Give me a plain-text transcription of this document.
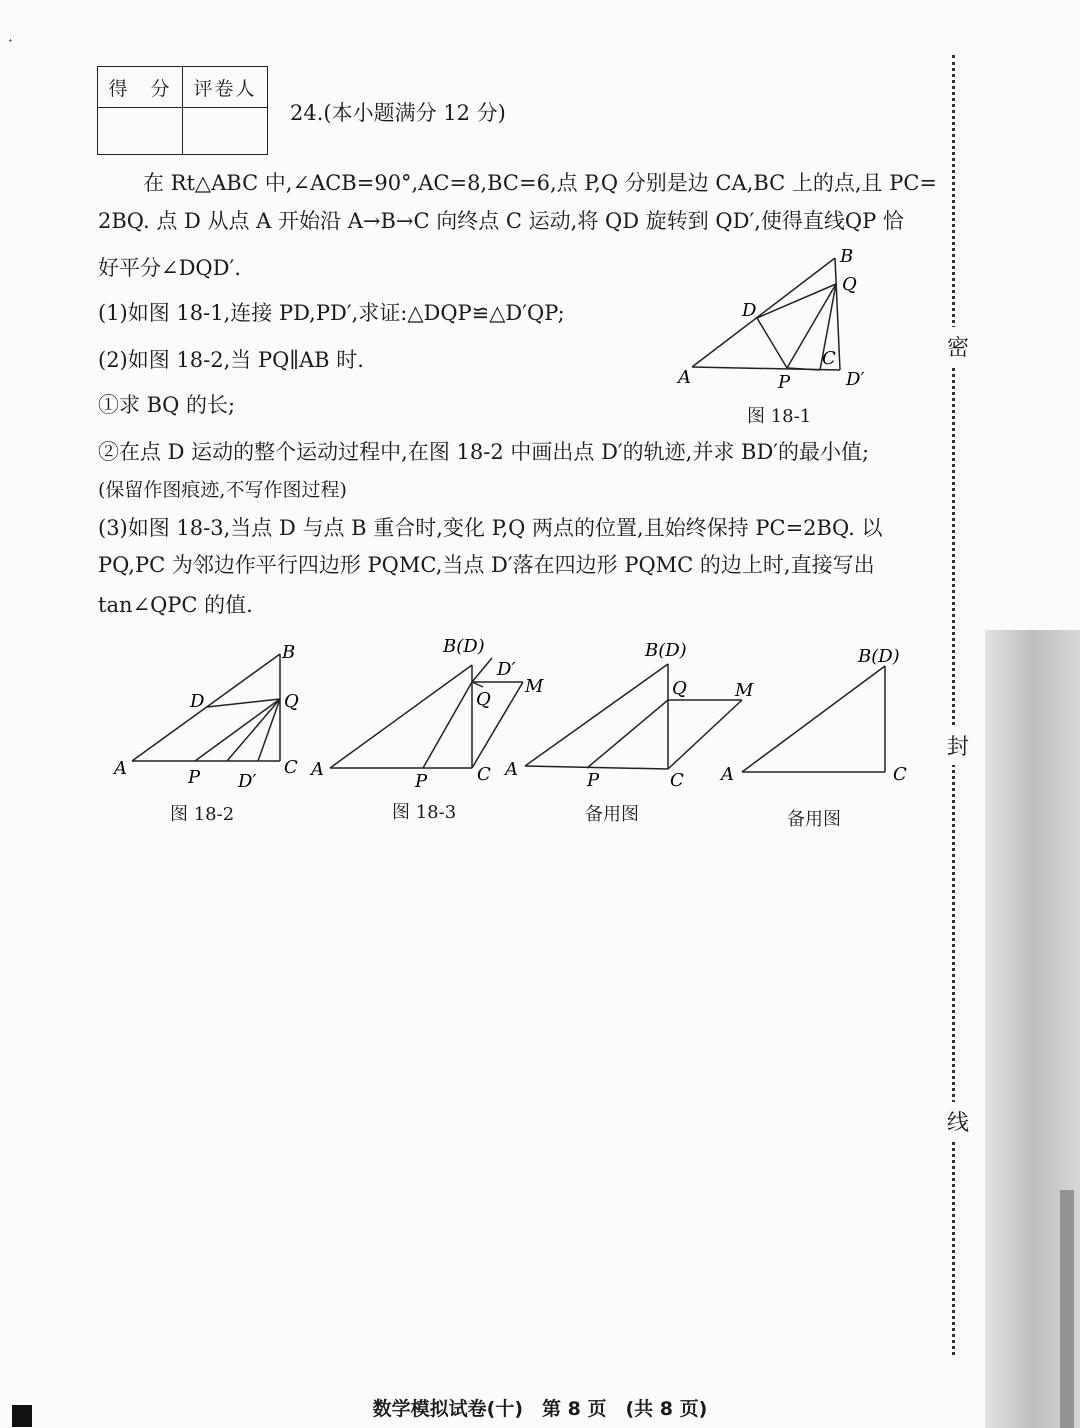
ᐩ
得　分	评卷人

24.(本小题满分 12 分)
在 Rt△ABC 中,∠ACB=90°,AC=8,BC=6,点 P,Q 分别是边 CA,BC 上的点,且 PC=
2BQ. 点 D 从点 A 开始沿 A→B→C 向终点 C 运动,将 QD 旋转到 QD′,使得直线QP 恰
好平分∠DQD′.
(1)如图 18-1,连接 PD,PD′,求证:△DQP≌△D′QP;
(2)如图 18-2,当 PQ∥AB 时.
①求 BQ 的长;
②在点 D 运动的整个运动过程中,在图 18-2 中画出点 D′的轨迹,并求 BD′的最小值;
(保留作图痕迹,不写作图过程)
(3)如图 18-3,当点 D 与点 B 重合时,变化 P,Q 两点的位置,且始终保持 PC=2BQ. 以
PQ,PC 为邻边作平行四边形 PQMC,当点 D′落在四边形 PQMC 的边上时,直接写出
tan∠QPC 的值.
A
B
C
D
P
Q
D′
图 18-1
A
B
C
D
P
Q
D′
图 18-2
A
B(D)
C
P
Q
M
D′
图 18-3
A
B(D)
C
P
Q	M
备用图
A
B(D)
C
备用图
密
封
线
数学模拟试卷(十)　第 8 页　(共 8 页)
